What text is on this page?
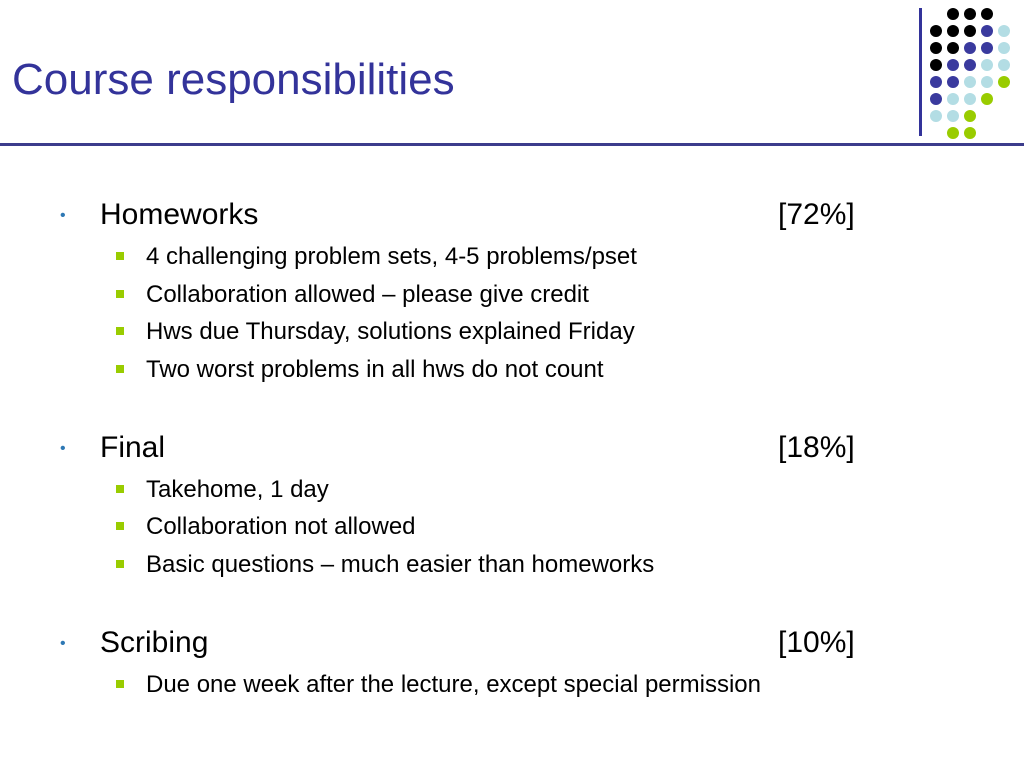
Course responsibilities
• Homeworks	[72%]
4 challenging problem sets, 4-5 problems/pset
Collaboration allowed – please give credit
Hws due Thursday, solutions explained Friday
Two worst problems in all hws do not count
• Final	[18%]
Takehome, 1 day
Collaboration not allowed
Basic questions – much easier than homeworks
• Scribing	[10%]
Due one week after the lecture, except special permission
